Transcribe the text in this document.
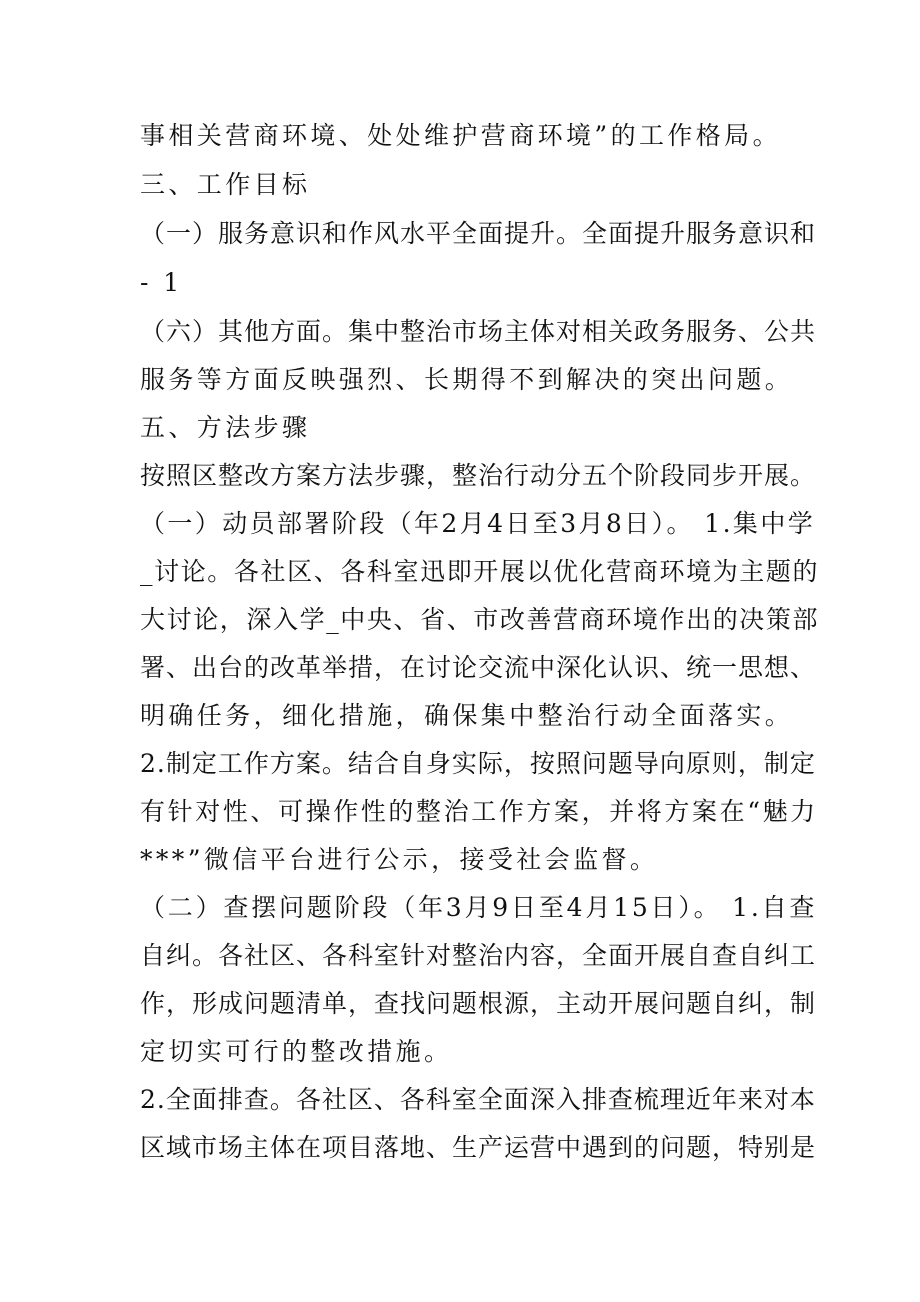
事相关营商环境、处处维护营商环境”的工作格局。
三、工作目标
（一）服务意识和作风水平全面提升。全面提升服务意识和
- 1
（六）其他方面。集中整治市场主体对相关政务服务、公共
服务等方面反映强烈、长期得不到解决的突出问题。
五、方法步骤
按照区整改方案方法步骤，整治行动分五个阶段同步开展。
（一）动员部署阶段（年2月4日至3月8日）。 1.集中学
_讨论。各社区、各科室迅即开展以优化营商环境为主题的
大讨论，深入学_中央、省、市改善营商环境作出的决策部
署、出台的改革举措，在讨论交流中深化认识、统一思想、
明确任务，细化措施，确保集中整治行动全面落实。
2.制定工作方案。结合自身实际，按照问题导向原则，制定
有针对性、可操作性的整治工作方案，并将方案在“魅力
***”微信平台进行公示，接受社会监督。
（二）查摆问题阶段（年3月9日至4月15日）。 1.自查
自纠。各社区、各科室针对整治内容，全面开展自查自纠工
作，形成问题清单，查找问题根源，主动开展问题自纠，制
定切实可行的整改措施。
2.全面排查。各社区、各科室全面深入排查梳理近年来对本
区域市场主体在项目落地、生产运营中遇到的问题，特别是
